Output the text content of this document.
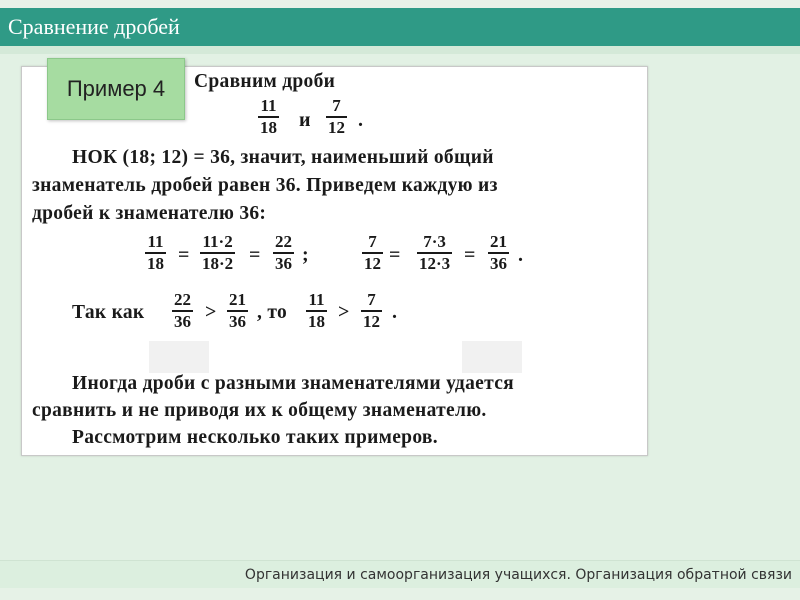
Сравнение дробей
Сравним дроби
11
18 и
7
12 .
НОК (18; 12) = 36, значит, наименьший общий
знаменатель дробей равен 36. Приведем каждую из
дробей к знаменателю 36:
11
18 =
11·2
18·2 =
22
36 ;
7
12 =
7·3
12·3 =
21
36 .
Так как
22
36 >
21
36 , то
11
18 >
7
12 .
Иногда дроби с разными знаменателями удается
сравнить и не приводя их к общему знаменателю.
Рассмотрим несколько таких примеров.
Пример 4
Организация и самоорганизация учащихся. Организация обратной связи
